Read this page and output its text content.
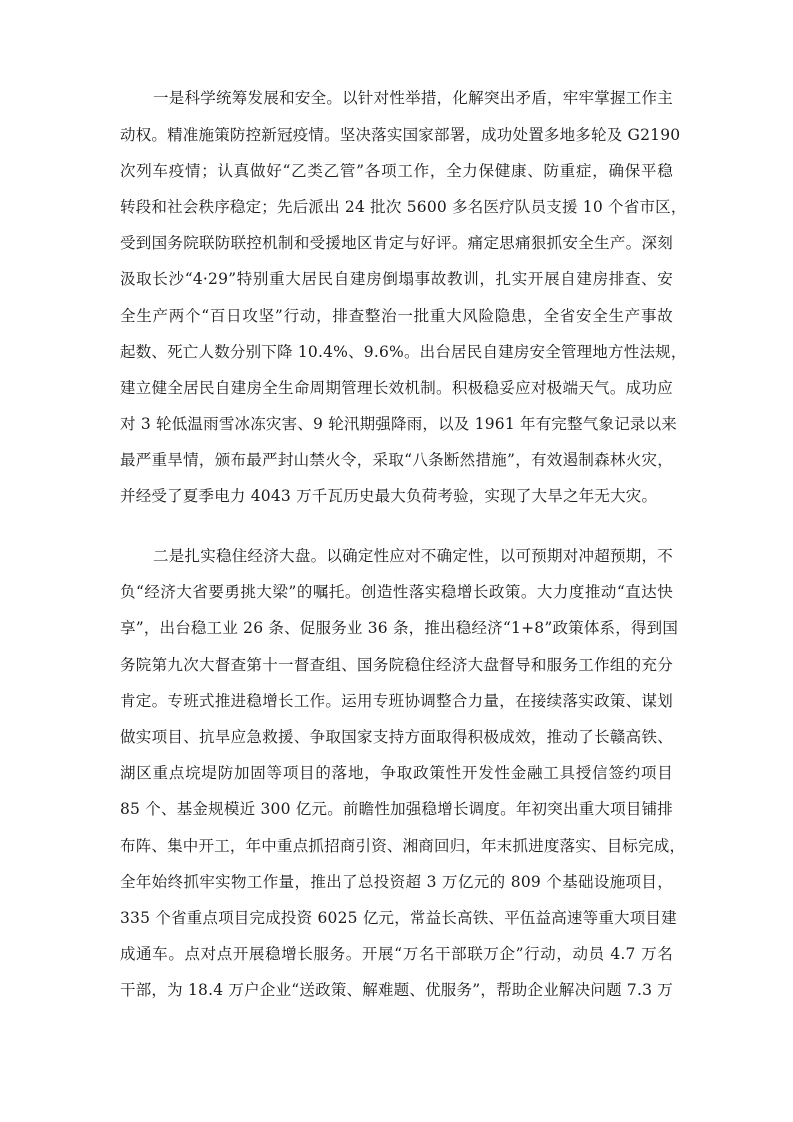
一是科学统筹发展和安全。以针对性举措，化解突出矛盾，牢牢掌握工作主
动权。精准施策防控新冠疫情。坚决落实国家部署，成功处置多地多轮及 G2190
次列车疫情；认真做好“乙类乙管”各项工作，全力保健康、防重症，确保平稳
转段和社会秩序稳定；先后派出 24 批次 5600 多名医疗队员支援 10 个省市区，
受到国务院联防联控机制和受援地区肯定与好评。痛定思痛狠抓安全生产。深刻
汲取长沙“4·29”特别重大居民自建房倒塌事故教训，扎实开展自建房排查、安
全生产两个“百日攻坚”行动，排查整治一批重大风险隐患，全省安全生产事故
起数、死亡人数分别下降 10.4%、9.6%。出台居民自建房安全管理地方性法规，
建立健全居民自建房全生命周期管理长效机制。积极稳妥应对极端天气。成功应
对 3 轮低温雨雪冰冻灾害、9 轮汛期强降雨，以及 1961 年有完整气象记录以来
最严重旱情，颁布最严封山禁火令，采取“八条断然措施”，有效遏制森林火灾，
并经受了夏季电力 4043 万千瓦历史最大负荷考验，实现了大旱之年无大灾。
二是扎实稳住经济大盘。以确定性应对不确定性，以可预期对冲超预期，不
负“经济大省要勇挑大梁”的嘱托。创造性落实稳增长政策。大力度推动“直达快
享”，出台稳工业 26 条、促服务业 36 条，推出稳经济“1+8”政策体系，得到国
务院第九次大督查第十一督查组、国务院稳住经济大盘督导和服务工作组的充分
肯定。专班式推进稳增长工作。运用专班协调整合力量，在接续落实政策、谋划
做实项目、抗旱应急救援、争取国家支持方面取得积极成效，推动了长赣高铁、
湖区重点垸堤防加固等项目的落地，争取政策性开发性金融工具授信签约项目
85 个、基金规模近 300 亿元。前瞻性加强稳增长调度。年初突出重大项目铺排
布阵、集中开工，年中重点抓招商引资、湘商回归，年末抓进度落实、目标完成，
全年始终抓牢实物工作量，推出了总投资超 3 万亿元的 809 个基础设施项目，
335 个省重点项目完成投资 6025 亿元，常益长高铁、平伍益高速等重大项目建
成通车。点对点开展稳增长服务。开展“万名干部联万企”行动，动员 4.7 万名
干部，为 18.4 万户企业“送政策、解难题、优服务”，帮助企业解决问题 7.3 万
